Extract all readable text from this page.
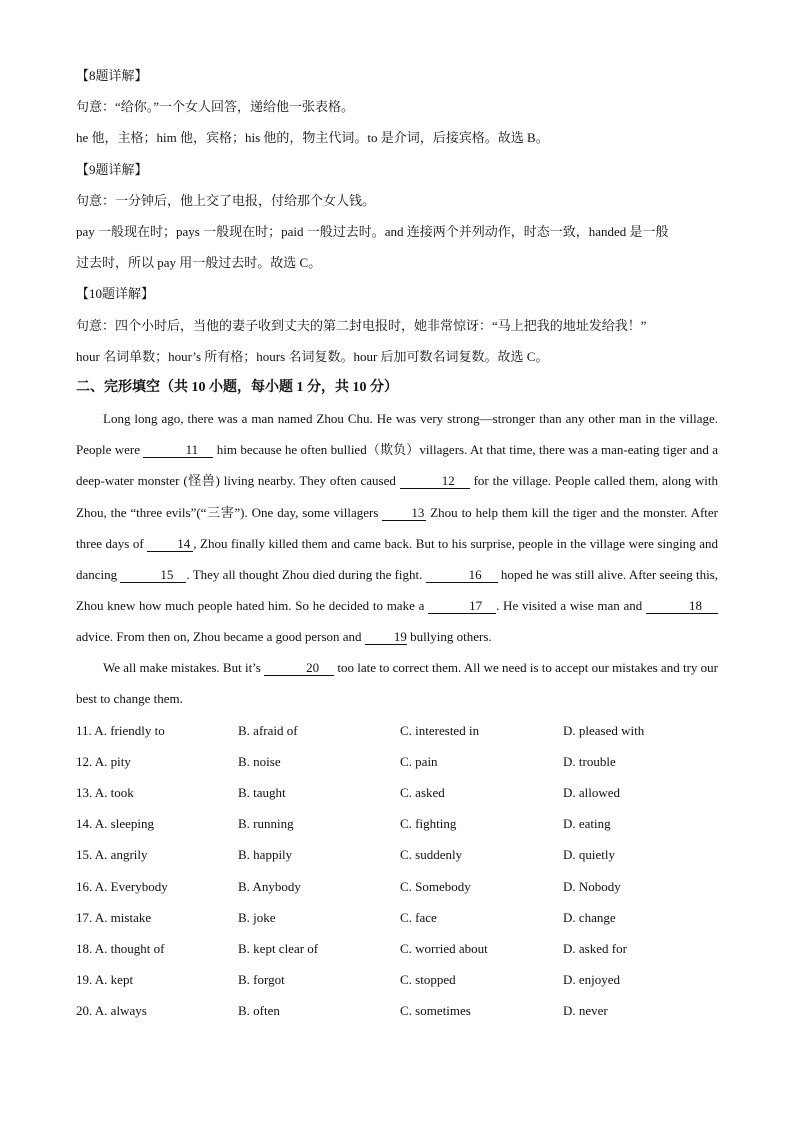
【8题详解】

句意：“给你。”一个女人回答，递给他一张表格。

he 他，主格；him 他，宾格；his 他的，物主代词。to 是介词，后接宾格。故选 B。

【9题详解】

句意：一分钟后，他上交了电报，付给那个女人钱。

pay 一般现在时；pays 一般现在时；paid 一般过去时。and 连接两个并列动作，时态一致，handed 是一般

过去时，所以 pay 用一般过去时。故选 C。

【10题详解】

句意：四个小时后，当他的妻子收到丈夫的第二封电报时，她非常惊讶：“马上把我的地址发给我！”

hour 名词单数；hour’s 所有格；hours 名词复数。hour 后加可数名词复数。故选 C。

二、完形填空（共 10 小题，每小题 1 分，共 10 分）

Long long ago, there was a man named Zhou Chu. He was very strong—stronger than any other man in the village. People were	11 him because he often bullied（欺负）villagers. At that time, there was a man-eating tiger and a deep-water monster (怪兽) living nearby. They often caused	12 for the village. People called them, along with Zhou, the “three evils”(“三害”). One day, some villagers 13 Zhou to help them kill the tiger and the monster. After three days of 14 , Zhou finally killed them and came back. But to his surprise, people in the village were singing and dancing	15 . They all thought Zhou died during the fight.	16 hoped he was still alive. After seeing this, Zhou knew how much people hated him. So he decided to make a	17 . He visited a wise man and	18 advice. From then on, Zhou became a good person and 19 bullying others.

We all make mistakes. But it’s	20 too late to correct them. All we need is to accept our mistakes and try our best to change them.

11. A. friendly to	B. afraid of	C. interested in	D. pleased with
12. A. pity	B. noise	C. pain	D. trouble
13. A. took	B. taught	C. asked	D. allowed
14. A. sleeping	B. running	C. fighting	D. eating
15. A. angrily	B. happily	C. suddenly	D. quietly
16. A. Everybody	B. Anybody	C. Somebody	D. Nobody
17. A. mistake	B. joke	C. face	D. change
18. A. thought of	B. kept clear of	C. worried about	D. asked for
19. A. kept	B. forgot	C. stopped	D. enjoyed
20. A. always	B. often	C. sometimes	D. never
